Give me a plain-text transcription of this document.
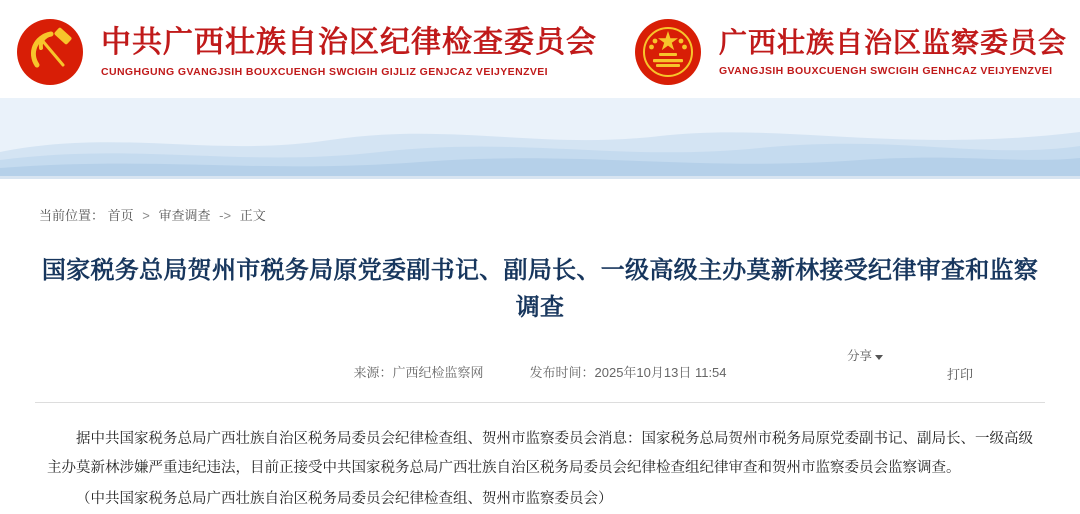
中共广西壮族自治区纪律检查委员会
CUNGHGUNG GVANGJSIH BOUXCUENGH SWCIGIH GIJLIZ GENJCAZ VEIJYENZVEI
广西壮族自治区监察委员会
GVANGJSIH BOUXCUENGH SWCIGIH GENHCAZ VEIJYENZVEI
当前位置： 首页 > 审查调查 -> 正文
国家税务总局贺州市税务局原党委副书记、副局长、一级高级主办莫新林接受纪律审查和监察调查
来源：广西纪检监察网	发布时间：2025年10月13日 11:54
分享
打印

据中共国家税务总局广西壮族自治区税务局委员会纪律检查组、贺州市监察委员会消息：国家税务总局贺州市税务局原党委副书记、副局长、一级高级主办莫新林涉嫌严重违纪违法，目前正接受中共国家税务总局广西壮族自治区税务局委员会纪律检查组纪律审查和贺州市监察委员会监察调查。

（中共国家税务总局广西壮族自治区税务局委员会纪律检查组、贺州市监察委员会）
